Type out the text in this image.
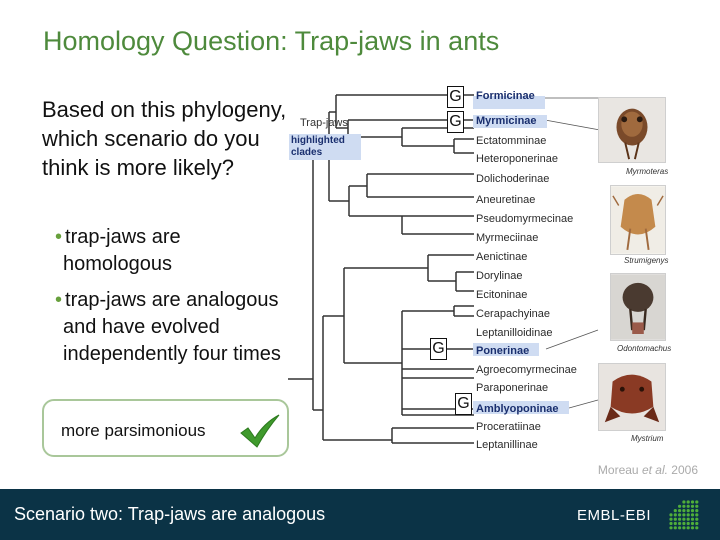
Homology Question: Trap-jaws in ants
Based on this phylogeny, which scenario do you think is more likely?
• trap-jaws are homologous
• trap-jaws are analogous and have evolved independently four times
more parsimonious
Formicinae
Myrmicinae
Ectatomminae
Heteroponerinae
Dolichoderinae
Aneuretinae
Pseudomyrmecinae
Myrmeciinae
Aenictinae
Dorylinae
Ecitoninae
Cerapachyinae
Leptanilloidinae
Ponerinae
Agroecomyrmecinae
Paraponerinae
Amblyoponinae
Proceratiinae
Leptanillinae
Trap-jaws
highlighted clades
G
G
G
G
Myrmoteras
Strumigenys
Odontomachus
Mystrium
Moreau et al. 2006
Scenario two: Trap-jaws are analogous	EMBL-EBI
